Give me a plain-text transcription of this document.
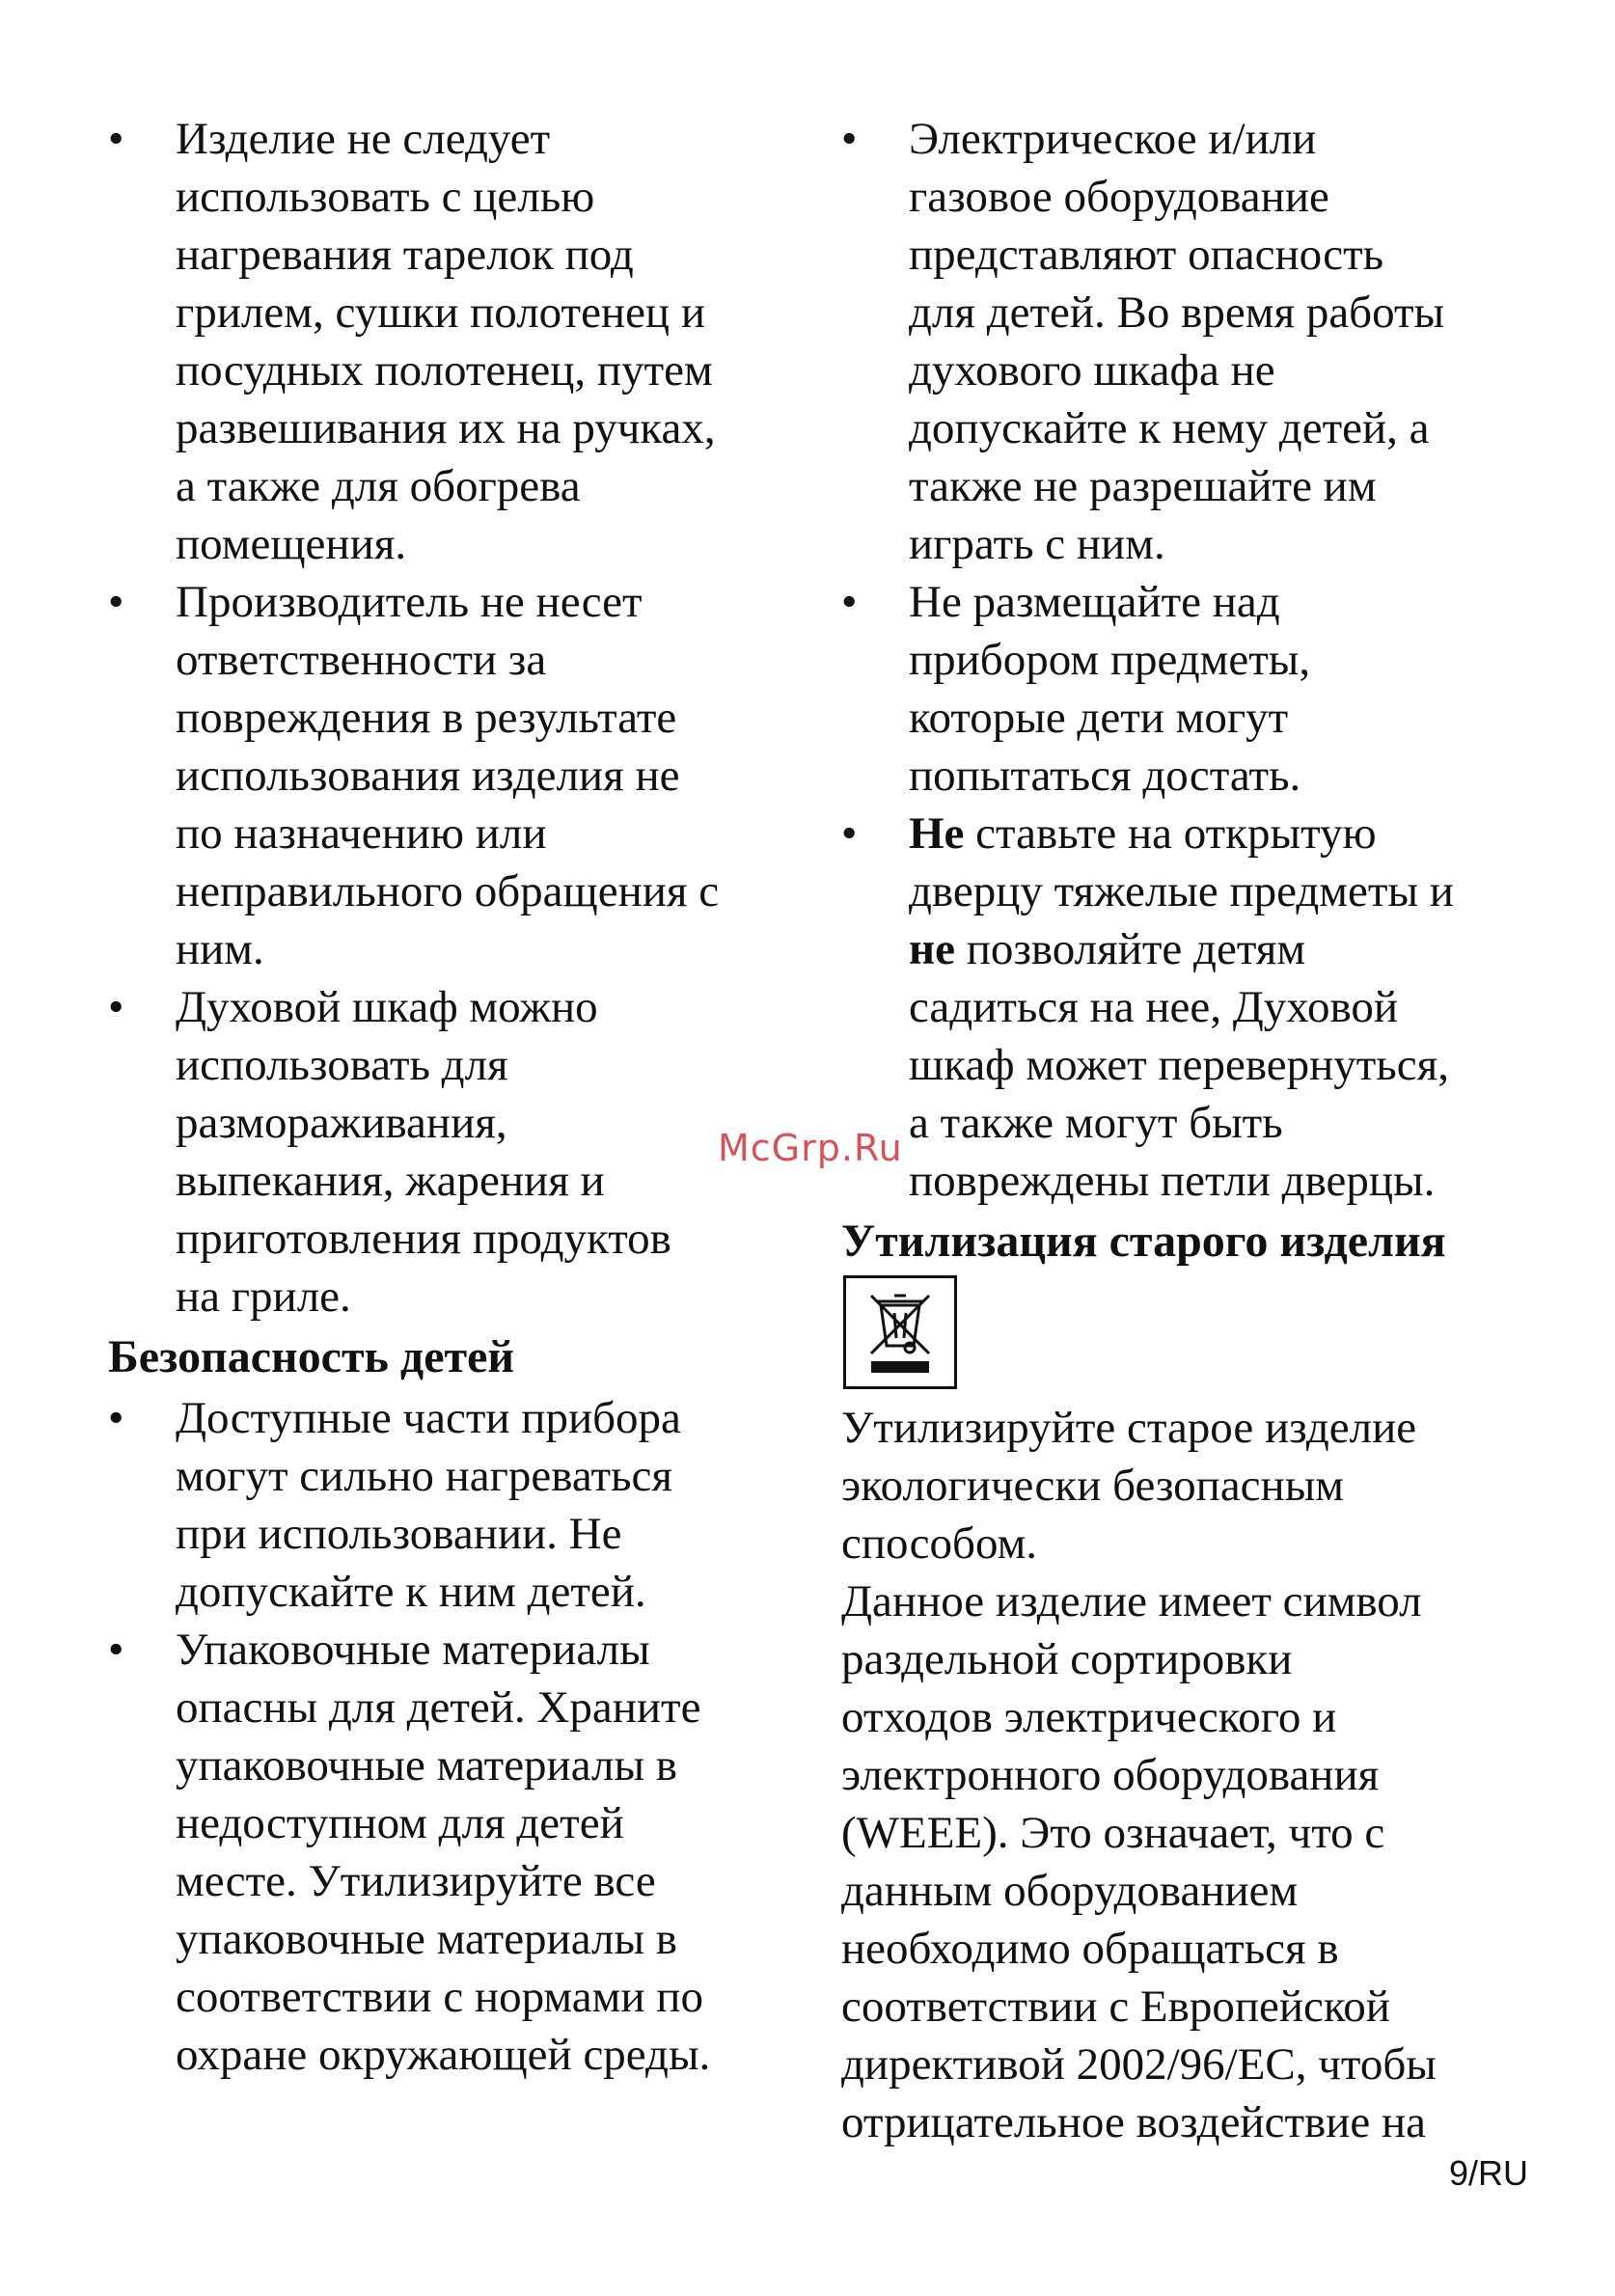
•	Изделие не следует
использовать с целью
нагревания тарелок под
грилем, сушки полотенец и
посудных полотенец, путем
развешивания их на ручках,
а также для обогрева
помещения.

•	Производитель не несет
ответственности за
повреждения в результате
использования изделия не
по назначению или
неправильного обращения с
ним.

•	Духовой шкаф можно
использовать для
размораживания,
выпекания, жарения и
приготовления продуктов
на гриле.

Безопасность детей
•	Доступные части прибора
могут сильно нагреваться
при использовании. Не
допускайте к ним детей.

•	Упаковочные материалы
опасны для детей. Храните
упаковочные материалы в
недоступном для детей
месте. Утилизируйте все
упаковочные материалы в
соответствии с нормами по
охране окружающей среды.

•	Электрическое и/или
газовое оборудование
представляют опасность
для детей. Во время работы
духового шкафа не
допускайте к нему детей, а
также не разрешайте им
играть с ним.

•	Не размещайте над
прибором предметы,
которые дети могут
попытаться достать.

•	Не ставьте на открытую
дверцу тяжелые предметы и
не позволяйте детям
садиться на нее, Духовой
шкаф может перевернуться,
а также могут быть
повреждены петли дверцы.

Утилизация старого изделия

Утилизируйте старое изделие
экологически безопасным
способом.

Данное изделие имеет символ
раздельной сортировки
отходов электрического и
электронного оборудования
(WEEE). Это означает, что с
данным оборудованием
необходимо обращаться в
соответствии с Европейской
директивой 2002/96/EC, чтобы
отрицательное воздействие на

McGrp.Ru
9/RU
